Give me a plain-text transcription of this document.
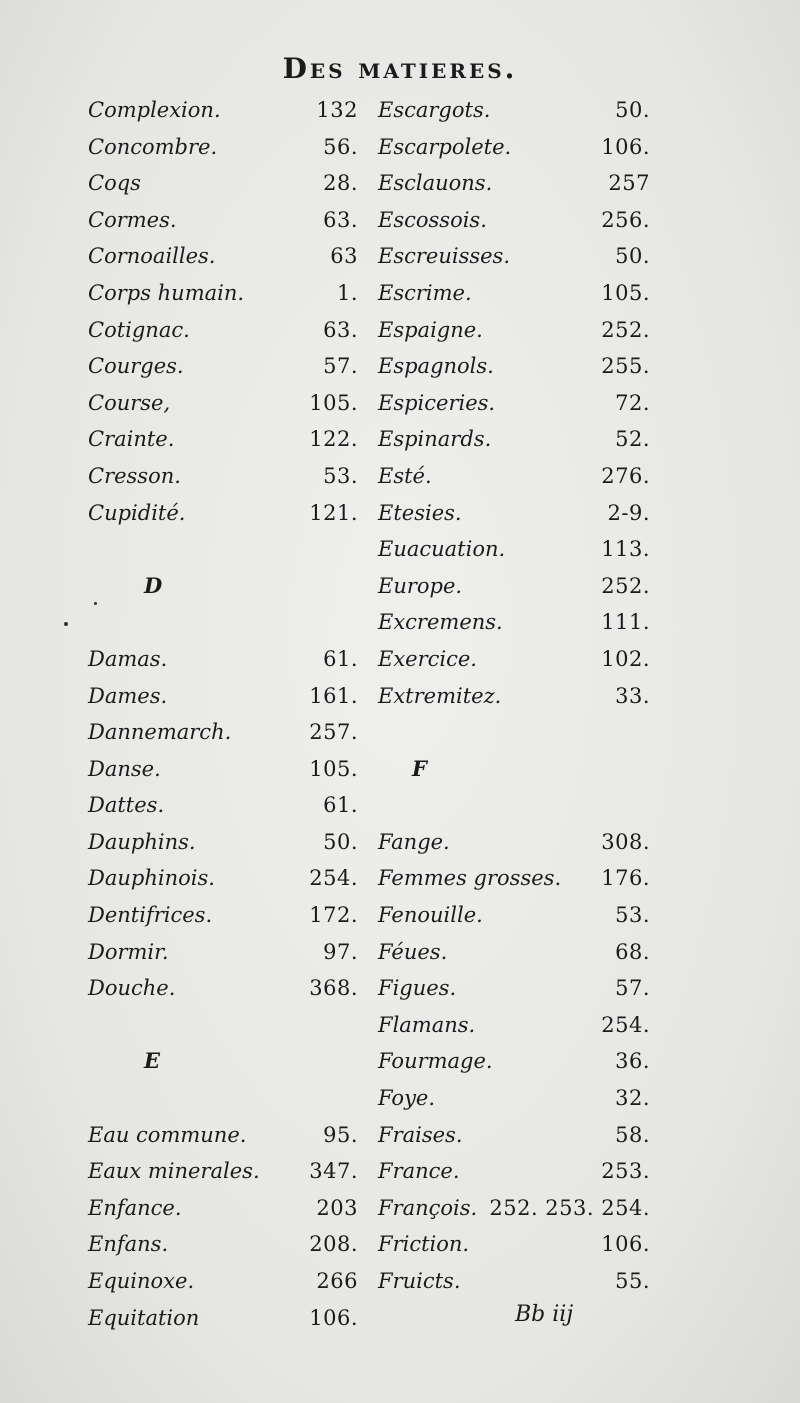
Des matieres.
Complexion.	132
Concombre.	56.
Coqs	28.
Cormes.	63.
Cornoailles.	63
Corps humain.	1.
Cotignac.	63.
Courges.	57.
Course,	105.
Crainte.	122.
Cresson.	53.
Cupidité.	121.
D
Damas.	61.
Dames.	161.
Dannemarch.	257.
Danse.	105.
Dattes.	61.
Dauphins.	50.
Dauphinois.	254.
Dentifrices.	172.
Dormir.	97.
Douche.	368.
E
Eau commune.	95.
Eaux minerales. 347.
Enfance.	203
Enfans.	208.
Equinoxe.	266
Equitation	106.
Escargots.	50.
Escarpolete.	106.
Esclauons.	257
Escossois.	256.
Escreuisses.	50.
Escrime.	105.
Espaigne.	252.
Espagnols.	255.
Espiceries.	72.
Espinards.	52.
Esté.	276.
Etesies.	2-9.
Euacuation.	113.
Europe.	252.
Excremens.	111.
Exercice.	102.
Extremitez.	33.
F
Fange.	308.
Femmes grosses. 176.
Fenouille.	53.
Féues.	68.
Figues.	57.
Flamans.	254.
Fourmage.	36.
Foye.	32.
Fraises.	58.
France.	253.
François. 252. 253. 254.
Friction.	106.
Fruicts.	55.
Bb iij
